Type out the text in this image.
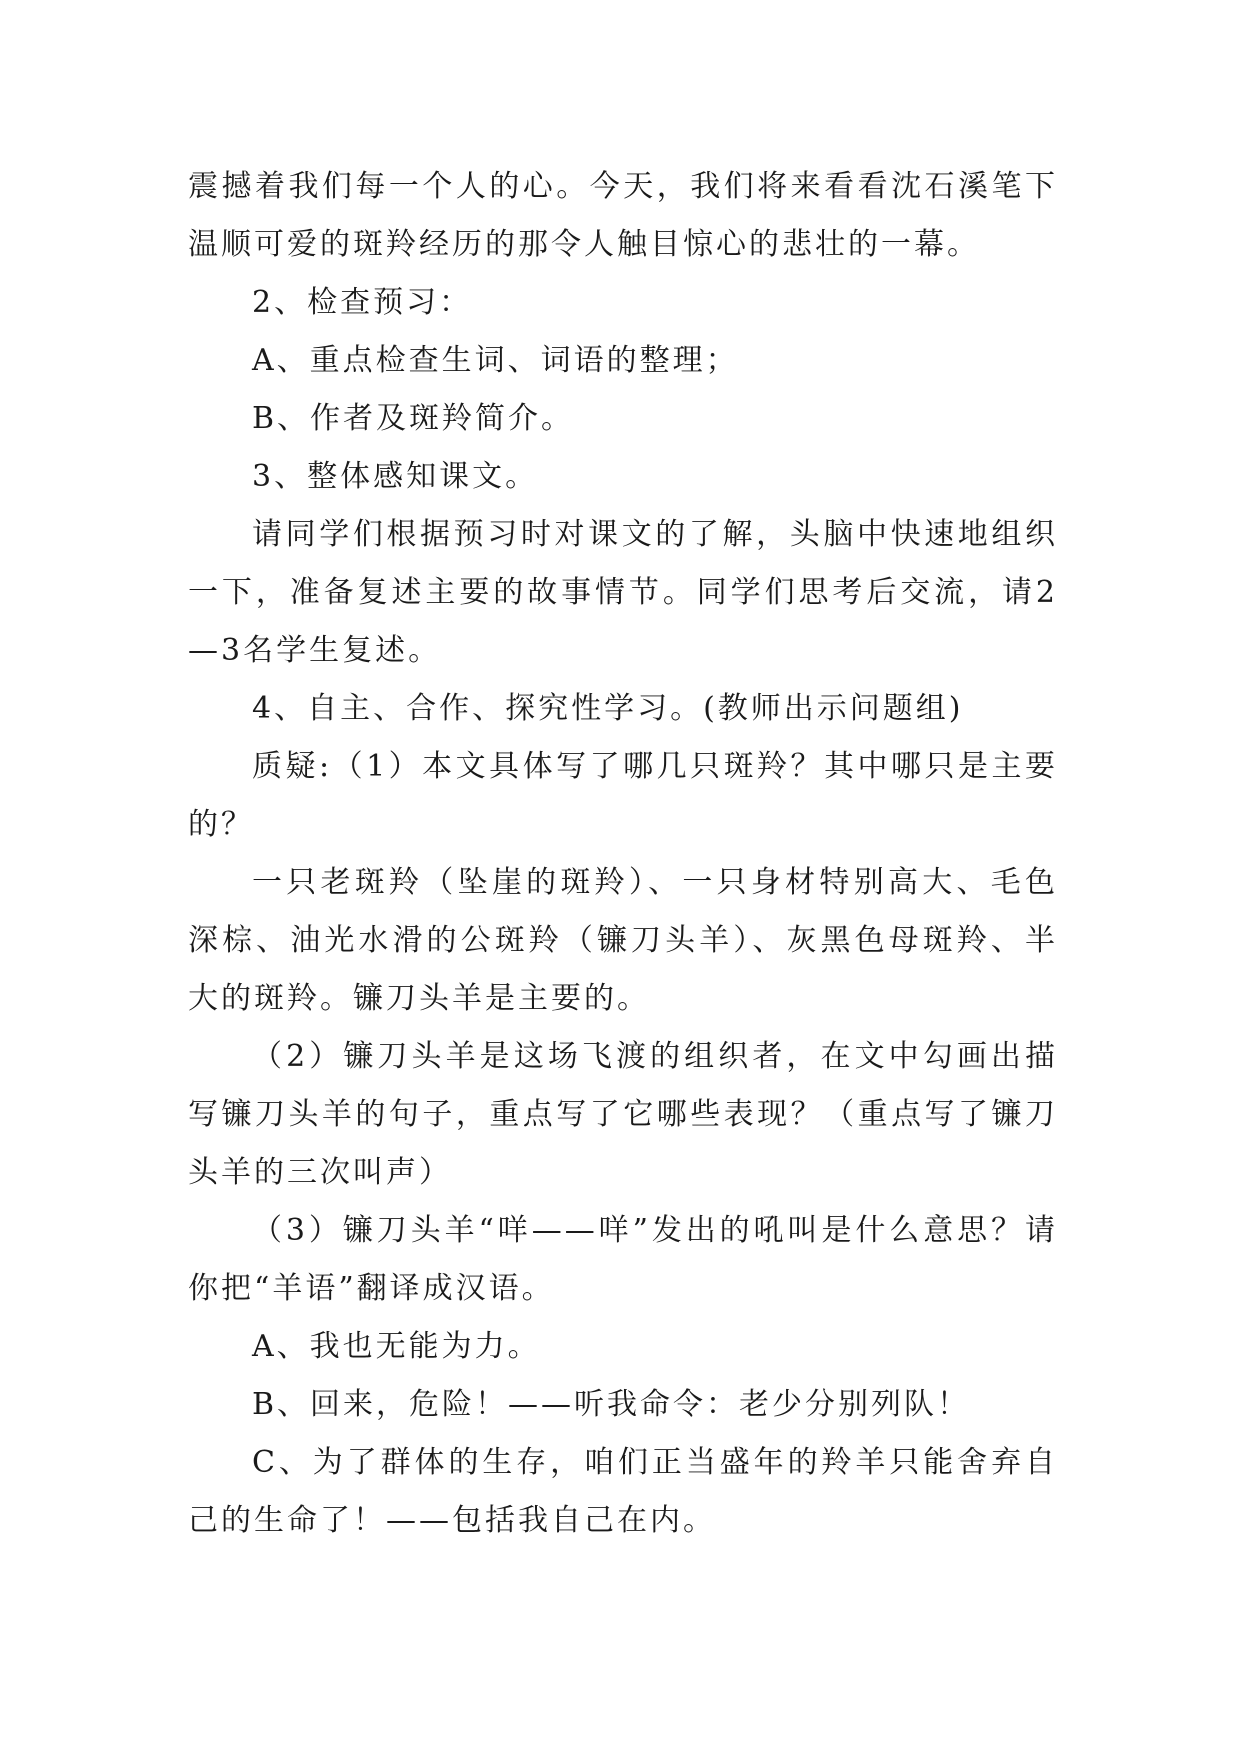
震撼着我们每一个人的心。今天，我们将来看看沈石溪笔下温顺可爱的斑羚经历的那令人触目惊心的悲壮的一幕。

2、检查预习：

A、重点检查生词、词语的整理；

B、作者及斑羚简介。

3、整体感知课文。

请同学们根据预习时对课文的了解，头脑中快速地组织一下，准备复述主要的故事情节。同学们思考后交流，请2—3名学生复述。

4、自主、合作、探究性学习。(教师出示问题组)

质疑:（1）本文具体写了哪几只斑羚？其中哪只是主要的？

一只老斑羚（坠崖的斑羚）、一只身材特别高大、毛色深棕、油光水滑的公斑羚（镰刀头羊）、灰黑色母斑羚、半大的斑羚。镰刀头羊是主要的。

（2）镰刀头羊是这场飞渡的组织者，在文中勾画出描写镰刀头羊的句子，重点写了它哪些表现？（重点写了镰刀头羊的三次叫声）

（3）镰刀头羊“咩——咩”发出的吼叫是什么意思？请你把“羊语”翻译成汉语。

A、我也无能为力。

B、回来，危险！——听我命令：老少分别列队！

C、为了群体的生存，咱们正当盛年的羚羊只能舍弃自己的生命了！——包括我自己在内。
